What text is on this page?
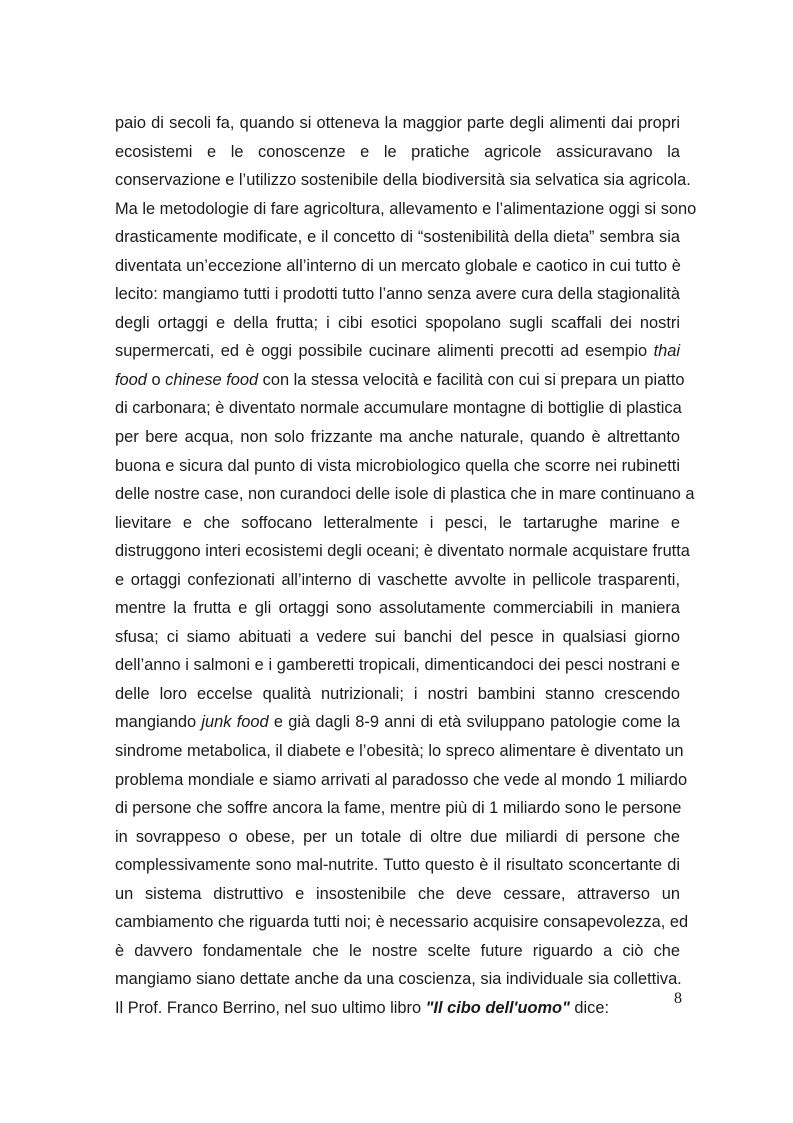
paio di secoli fa, quando si otteneva la maggior parte degli alimenti dai propri
ecosistemi e le conoscenze e le pratiche agricole assicuravano la
conservazione e l’utilizzo sostenibile della biodiversità sia selvatica sia agricola.
Ma le metodologie di fare agricoltura, allevamento e l’alimentazione oggi si sono
drasticamente modificate, e il concetto di “sostenibilità della dieta” sembra sia
diventata un’eccezione all’interno di un mercato globale e caotico in cui tutto è
lecito: mangiamo tutti i prodotti tutto l’anno senza avere cura della stagionalità
degli ortaggi e della frutta; i cibi esotici spopolano sugli scaffali dei nostri
supermercati, ed è oggi possibile cucinare alimenti precotti ad esempio thai
food o chinese food con la stessa velocità e facilità con cui si prepara un piatto
di carbonara; è diventato normale accumulare montagne di bottiglie di plastica
per bere acqua, non solo frizzante ma anche naturale, quando è altrettanto
buona e sicura dal punto di vista microbiologico quella che scorre nei rubinetti
delle nostre case, non curandoci delle isole di plastica che in mare continuano a
lievitare e che soffocano letteralmente i pesci, le tartarughe marine e
distruggono interi ecosistemi degli oceani; è diventato normale acquistare frutta
e ortaggi confezionati all’interno di vaschette avvolte in pellicole trasparenti,
mentre la frutta e gli ortaggi sono assolutamente commerciabili in maniera
sfusa; ci siamo abituati a vedere sui banchi del pesce in qualsiasi giorno
dell’anno i salmoni e i gamberetti tropicali, dimenticandoci dei pesci nostrani e
delle loro eccelse qualità nutrizionali; i nostri bambini stanno crescendo
mangiando junk food e già dagli 8-9 anni di età sviluppano patologie come la
sindrome metabolica, il diabete e l’obesità; lo spreco alimentare è diventato un
problema mondiale e siamo arrivati al paradosso che vede al mondo 1 miliardo
di persone che soffre ancora la fame, mentre più di 1 miliardo sono le persone
in sovrappeso o obese, per un totale di oltre due miliardi di persone che
complessivamente sono mal-nutrite. Tutto questo è il risultato sconcertante di
un sistema distruttivo e insostenibile che deve cessare, attraverso un
cambiamento che riguarda tutti noi; è necessario acquisire consapevolezza, ed
è davvero fondamentale che le nostre scelte future riguardo a ciò che
mangiamo siano dettate anche da una coscienza, sia individuale sia collettiva.
Il Prof. Franco Berrino, nel suo ultimo libro "Il cibo dell'uomo" dice:
8
